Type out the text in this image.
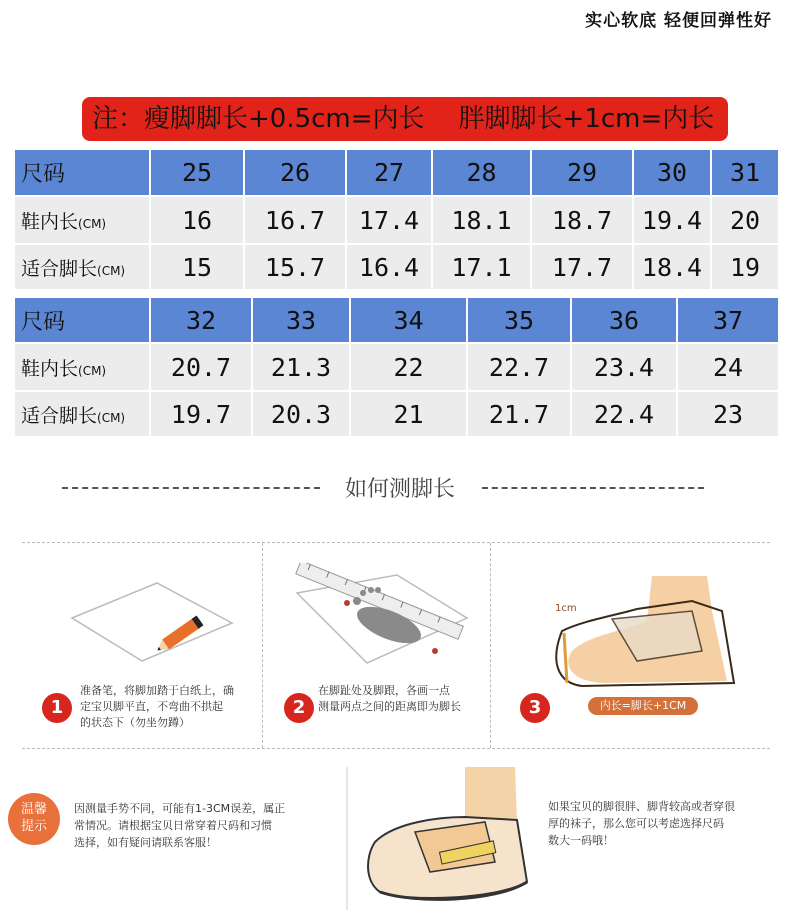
实心软底 轻便回弹性好
注：瘦脚脚长+0.5cm=内长 胖脚脚长+1cm=内长
尺码	25	26	27	28	29	30	31
鞋内长(CM)	16	16.7	17.4	18.1	18.7	19.4	20
适合脚长(CM)	15	15.7	16.4	17.1	17.7	18.4	19
尺码	32	33	34	35	36	37
鞋内长(CM)	20.7	21.3	22	22.7	23.4	24
适合脚长(CM)	19.7	20.3	21	21.7	22.4	23
如何测脚长
1
准备笔，将脚加踏于白纸上，确
定宝贝脚平直，不弯曲不拱起
的状态下（勿坐勿蹲）
2
在脚趾处及脚跟，各画一点
测量两点之间的距离即为脚长	3
1cm
内长=脚长+1CM
温馨
提示
因测量手势不同，可能有1-3CM误差，属正
常情况。请根据宝贝日常穿着尺码和习惯
选择，如有疑问请联系客服！
如果宝贝的脚很胖、脚背较高或者穿很
厚的袜子，那么您可以考虑选择尺码
数大一码哦！
